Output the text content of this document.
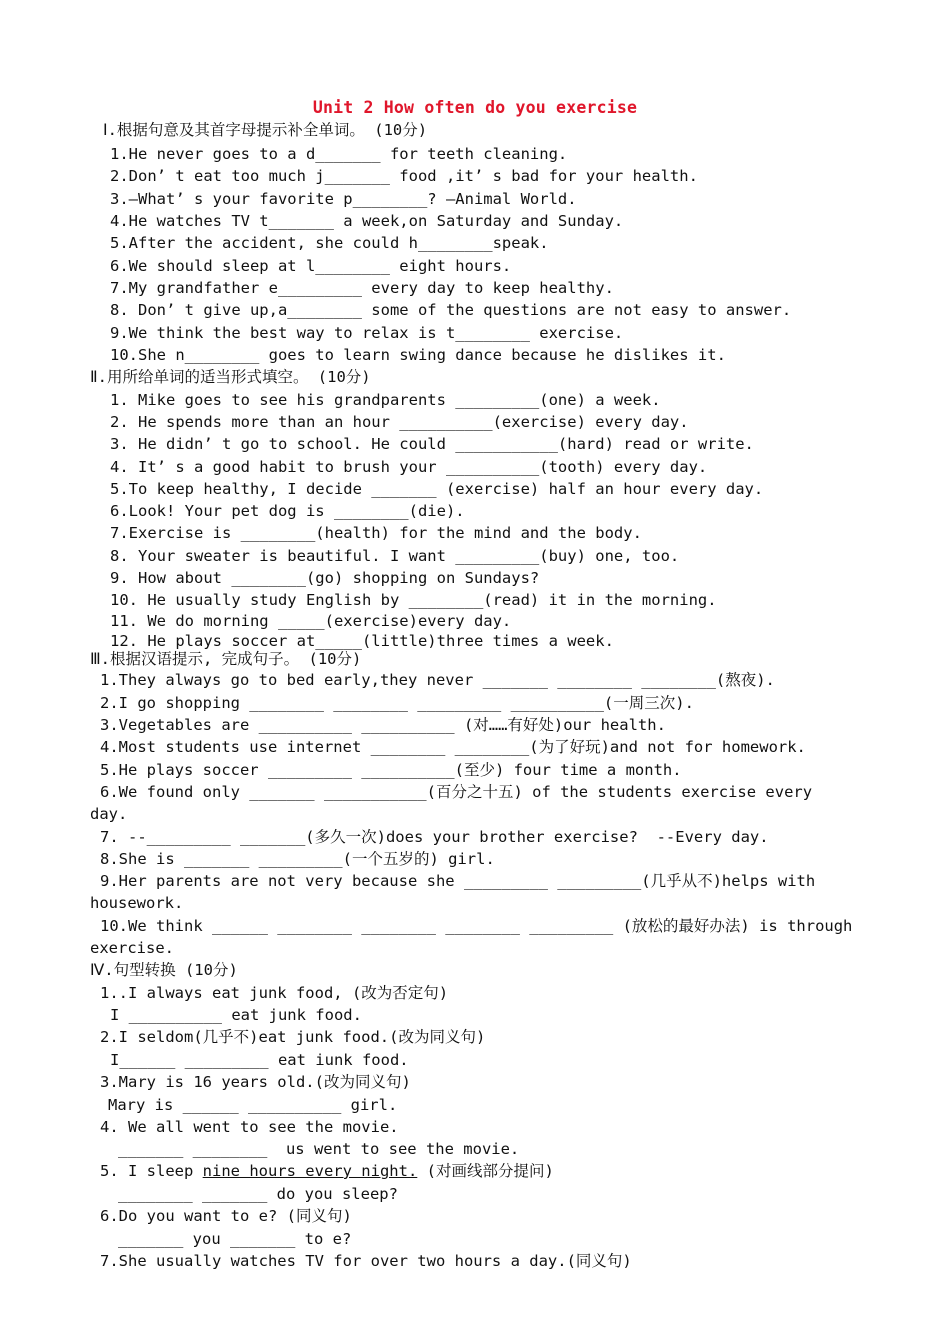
Unit 2 How often do you exercise
Ⅰ.根据句意及其首字母提示补全单词。 (10分)
1.He never goes to a d_______ for teeth cleaning.
2.Don’ t eat too much j_______ food ,it’ s bad for your health.
3.—What’ s your favorite p________? —Animal World.
4.He watches TV t_______ a week,on Saturday and Sunday.
5.After the accident, she could h________speak.
6.We should sleep at l________ eight hours.
7.My grandfather e_________ every day to keep healthy.
8. Don’ t give up,a________ some of the questions are not easy to answer.
9.We think the best way to relax is t________ exercise.
10.She n________ goes to learn swing dance because he dislikes it.
Ⅱ.用所给单词的适当形式填空。 (10分)
1. Mike goes to see his grandparents _________(one) a week.
2. He spends more than an hour __________(exercise) every day.
3. He didn’ t go to school. He could ___________(hard) read or write.
4. It’ s a good habit to brush your __________(tooth) every day.
5.To keep healthy, I decide _______ (exercise) half an hour every day.
6.Look! Your pet dog is ________(die).
7.Exercise is ________(health) for the mind and the body.
8. Your sweater is beautiful. I want _________(buy) one, too.
9. How about ________(go) shopping on Sundays?
10. He usually study English by ________(read) it in the morning.
11. We do morning _____(exercise)every day.
12. He plays soccer at_____(little)three times a week.
Ⅲ.根据汉语提示, 完成句子。 (10分)
1.They always go to bed early,they never _______ ________ ________(熬夜).
2.I go shopping ________ ________ _________ __________(一周三次).
3.Vegetables are __________ __________ (对……有好处)our health.
4.Most students use internet ________ ________(为了好玩)and not for homework.
5.He plays soccer _________ __________(至少) four time a month.
6.We found only _______ ___________(百分之十五) of the students exercise every
day.
7. --_________ _______(多久一次)does your brother exercise?  --Every day.
8.She is _______ _________(一个五岁的) girl.
9.Her parents are not very because she _________ _________(几乎从不)helps with
housework.
10.We think ______ ________ ________ ________ _________ (放松的最好办法) is through
exercise.
Ⅳ.句型转换 (10分)
1..I always eat junk food, (改为否定句)
I __________ eat junk food.
2.I seldom(几乎不)eat junk food.(改为同义句)
I______ _________ eat iunk food.
3.Mary is 16 years old.(改为同义句)
Mary is ______ __________ girl.
4. We all went to see the movie.
_______ ________  us went to see the movie.
5. I sleep nine hours every night. (对画线部分提问)
________ _______ do you sleep?
6.Do you want to e? (同义句)
_______ you _______ to e?
7.She usually watches TV for over two hours a day.(同义句)
